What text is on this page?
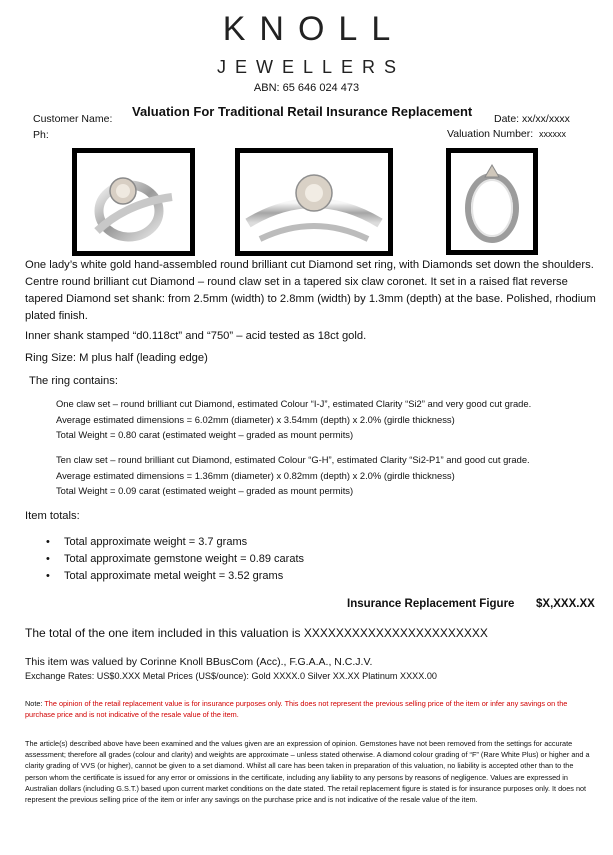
KNOLL
JEWELLERS
ABN: 65 646 024 473
Valuation For Traditional Retail Insurance Replacement
Customer Name:
Ph:
Date: xx/xx/xxxx
Valuation Number: xxxxxx
One lady’s white gold hand-assembled round brilliant cut Diamond set ring, with Diamonds set down the shoulders. Centre round brilliant cut Diamond – round claw set in a tapered six claw coronet. It set in a raised flat reverse tapered Diamond set shank: from 2.5mm (width) to 2.8mm (width) by 1.3mm (depth) at the base. Polished, rhodium plated finish.
Inner shank stamped “d0.118ct” and “750” – acid tested as 18ct gold.
Ring Size: M plus half (leading edge)
The ring contains:
One claw set – round brilliant cut Diamond, estimated Colour “I-J”, estimated Clarity “Si2” and very good cut grade.
Average estimated dimensions = 6.02mm (diameter) x 3.54mm (depth) x 2.0% (girdle thickness)
Total Weight = 0.80 carat (estimated weight – graded as mount permits)
Ten claw set – round brilliant cut Diamond, estimated Colour “G-H”, estimated Clarity “Si2-P1” and good cut grade.
Average estimated dimensions = 1.36mm (diameter) x 0.82mm (depth) x 2.0% (girdle thickness)
Total Weight = 0.09 carat (estimated weight – graded as mount permits)
Item totals:
• Total approximate weight = 3.7 grams
• Total approximate gemstone weight = 0.89 carats
• Total approximate metal weight = 3.52 grams
Insurance Replacement Figure $X,XXX.XX
The total of the one item included in this valuation is XXXXXXXXXXXXXXXXXXXXXXX
This item was valued by Corinne Knoll BBusCom (Acc)., F.G.A.A., N.C.J.V.
Exchange Rates: US$0.XXX Metal Prices (US$/ounce): Gold XXXX.0 Silver XX.XX Platinum XXXX.00
Note: The opinion of the retail replacement value is for insurance purposes only. This does not represent the previous selling price of the item or infer any savings on the purchase price and is not indicative of the resale value of the item.
The article(s) described above have been examined and the values given are an expression of opinion. Gemstones have not been removed from the settings for accurate assessment; therefore all grades (colour and clarity) and weights are approximate – unless stated otherwise. A diamond colour grading of “F” (Rare White Plus) or higher and a clarity grading of VVS (or higher), cannot be given to a set diamond. Whilst all care has been taken in preparation of this valuation, no liability is accepted other than to the person whom the certificate is issued for any error or omissions in the certificate, including any liability to any persons by reasons of negligence. Values are expressed in Australian dollars (including G.S.T.) based upon current market conditions on the date stated. The retail replacement figure is stated is for insurance purposes only. It does not represent the previous selling price of the item or infer any savings on the purchase price and is not indicative of the resale value of the item.
